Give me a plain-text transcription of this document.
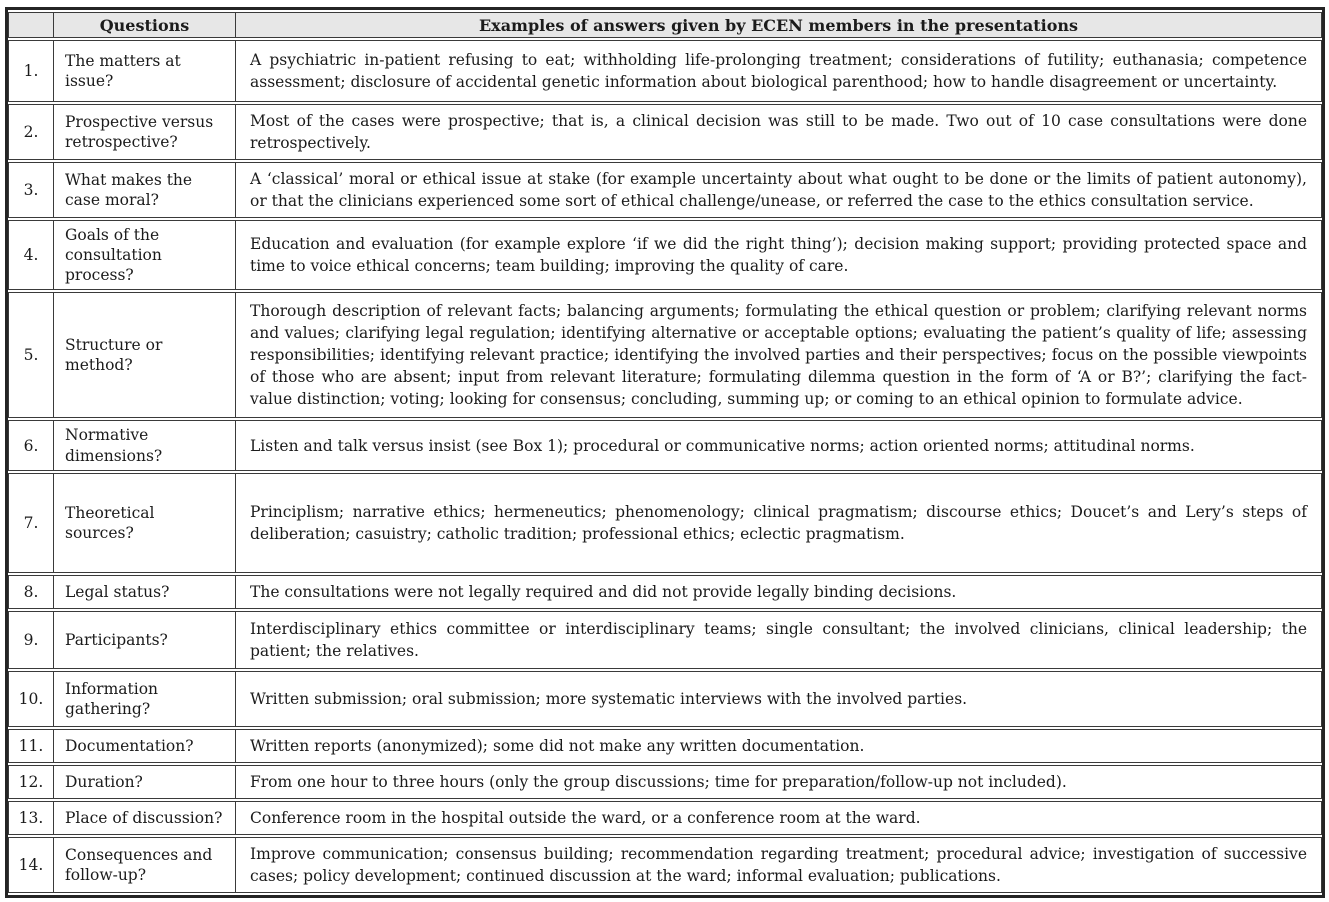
	Questions	Examples of answers given by ECEN members in the presentations
1.	The matters at issue?	A psychiatric in-patient refusing to eat; withholding life-prolonging treatment; considerations of futility; euthanasia; competence assessment; disclosure of accidental genetic information about biological parenthood; how to handle disagreement or uncertainty.
2.	Prospective versus retrospective?	Most of the cases were prospective; that is, a clinical decision was still to be made. Two out of 10 case consultations were done retrospectively.
3.	What makes the case moral?	A ‘classical’ moral or ethical issue at stake (for example uncertainty about what ought to be done or the limits of patient autonomy), or that the clinicians experienced some sort of ethical challenge/unease, or referred the case to the ethics consultation service.
4.	Goals of the consultation process?	Education and evaluation (for example explore ‘if we did the right thing’); decision making support; providing protected space and time to voice ethical concerns; team building; improving the quality of care.
5.	Structure or method?	Thorough description of relevant facts; balancing arguments; formulating the ethical question or problem; clarifying relevant norms and values; clarifying legal regulation; identifying alternative or acceptable options; evaluating the patient’s quality of life; assessing responsibilities; identifying relevant practice; identifying the involved parties and their perspectives; focus on the possible viewpoints of those who are absent; input from relevant literature; formulating dilemma question in the form of ‘A or B?’; clarifying the fact-value distinction; voting; looking for consensus; concluding, summing up; or coming to an ethical opinion to formulate advice.
6.	Normative dimensions?	Listen and talk versus insist (see Box 1); procedural or communicative norms; action oriented norms; attitudinal norms.
7.	Theoretical sources?	Principlism; narrative ethics; hermeneutics; phenomenology; clinical pragmatism; discourse ethics; Doucet’s and Lery’s steps of deliberation; casuistry; catholic tradition; professional ethics; eclectic pragmatism.
8.	Legal status?	The consultations were not legally required and did not provide legally binding decisions.
9.	Participants?	Interdisciplinary ethics committee or interdisciplinary teams; single consultant; the involved clinicians, clinical leadership; the patient; the relatives.
10.	Information gathering?	Written submission; oral submission; more systematic interviews with the involved parties.
11.	Documentation?	Written reports (anonymized); some did not make any written documentation.
12.	Duration?	From one hour to three hours (only the group discussions; time for preparation/follow-up not included).
13.	Place of discussion?	Conference room in the hospital outside the ward, or a conference room at the ward.
14.	Consequences and follow-up?	Improve communication; consensus building; recommendation regarding treatment; procedural advice; investigation of successive cases; policy development; continued discussion at the ward; informal evaluation; publications.
